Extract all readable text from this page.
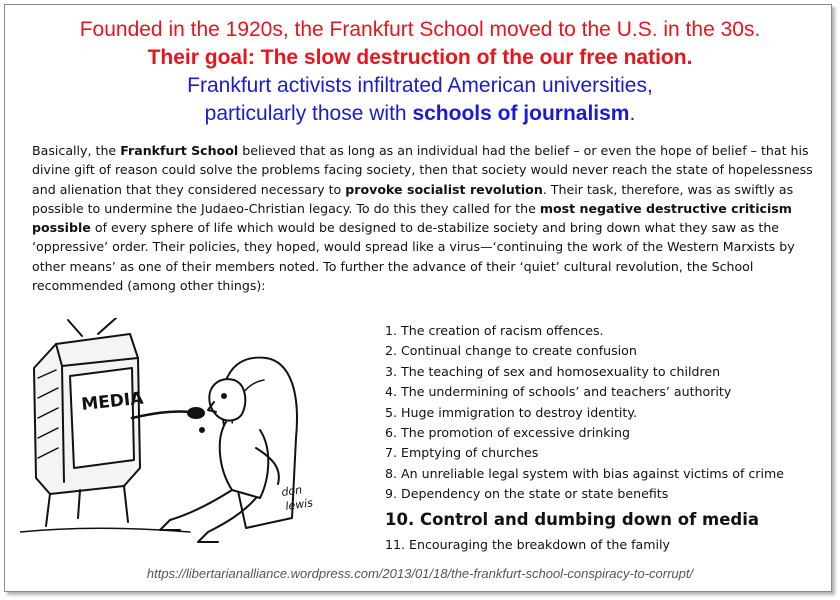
Founded in the 1920s, the Frankfurt School moved to the U.S. in the 30s.
Their goal: The slow destruction of the our free nation.
Frankfurt activists infiltrated American universities,
particularly those with schools of journalism.
Basically, the Frankfurt School believed that as long as an individual had the belief – or even the hope of belief – that his divine gift of reason could solve the problems facing society, then that society would never reach the state of hopelessness and alienation that they considered necessary to provoke socialist revolution. Their task, therefore, was as swiftly as possible to undermine the Judaeo-Christian legacy. To do this they called for the most negative destructive criticism possible of every sphere of life which would be designed to de-stabilize society and bring down what they saw as the ‘oppressive’ order. Their policies, they hoped, would spread like a virus—‘continuing the work of the Western Marxists by other means’ as one of their members noted. To further the advance of their ‘quiet’ cultural revolution, the School recommended (among other things):
MEDIA
don
lewis
1. The creation of racism offences.
2. Continual change to create confusion
3. The teaching of sex and homosexuality to children
4. The undermining of schools’ and teachers’ authority
5. Huge immigration to destroy identity.
6. The promotion of excessive drinking
7. Emptying of churches
8. An unreliable legal system with bias against victims of crime
9. Dependency on the state or state benefits
10. Control and dumbing down of media
11. Encouraging the breakdown of the family
https://libertarianalliance.wordpress.com/2013/01/18/the-frankfurt-school-conspiracy-to-corrupt/
